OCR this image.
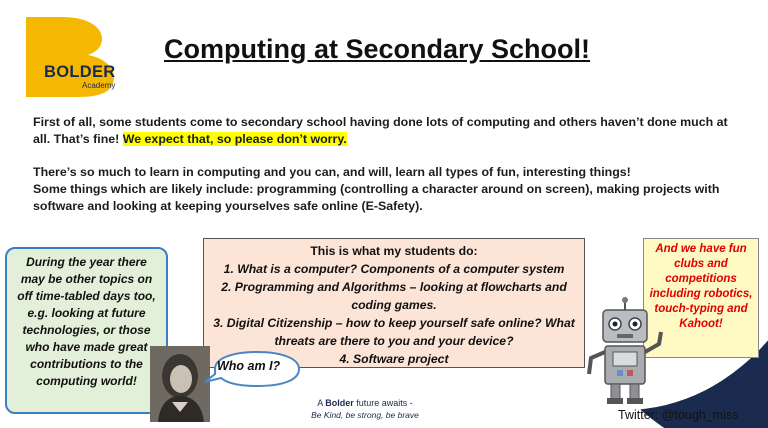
BOLDER
Academy
Computing at Secondary School!
First of all, some students come to secondary school having done lots of computing and others haven’t done much at all. That’s fine! We expect that, so please don’t worry.
There’s so much to learn in computing and you can, and will, learn all types of fun, interesting things!
Some things which are likely include: programming (controlling a character around on screen), making projects with software and looking at keeping yourselves safe online (E-Safety).
During the year there may be other topics on off time-tabled days too, e.g. looking at future technologies, or those who have made great contributions to the computing world!
This is what my students do:
1. What is a computer? Components of a computer system
2. Programming and Algorithms – looking at flowcharts and coding games.
3. Digital Citizenship – how to keep yourself safe online? What threats are there to you and your device?
4. Software project
And we have fun clubs and competitions including robotics, touch-typing and Kahoot!
Who am I?
A Bolder future awaits -
Be Kind, be strong, be brave	Twitter: @tough_miss
